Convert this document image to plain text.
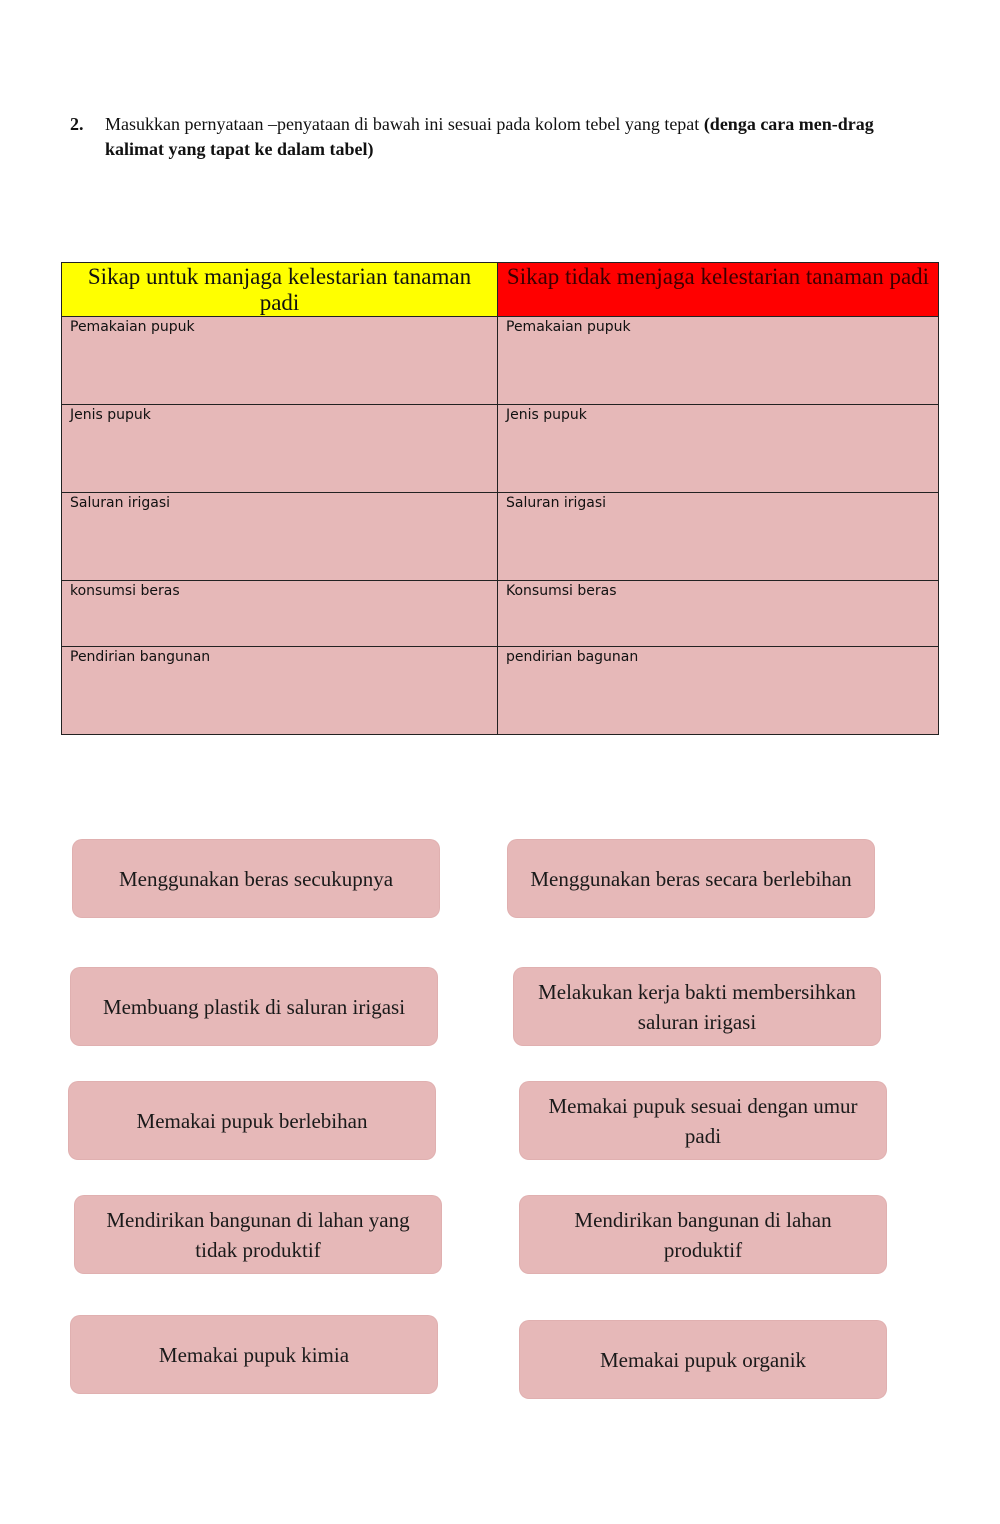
2. Masukkan pernyataan –penyataan di bawah ini sesuai pada kolom tebel yang tepat (denga cara men-drag kalimat yang tapat ke dalam tabel)
Sikap untuk manjaga kelestarian tanaman padi	Sikap tidak menjaga kelestarian tanaman padi
Pemakaian pupuk	Pemakaian pupuk
Jenis pupuk	Jenis pupuk
Saluran irigasi	Saluran irigasi
konsumsi beras	Konsumsi beras
Pendirian bangunan	pendirian bagunan
Menggunakan beras secukupnya	Menggunakan beras secara berlebihan
Membuang plastik di saluran irigasi
Melakukan kerja bakti membersihkan saluran irigasi
Memakai pupuk berlebihan
Memakai pupuk sesuai dengan umur padi
Mendirikan bangunan di lahan yang tidak produktif
Mendirikan bangunan di lahan produktif
Memakai pupuk kimia	Memakai pupuk organik
